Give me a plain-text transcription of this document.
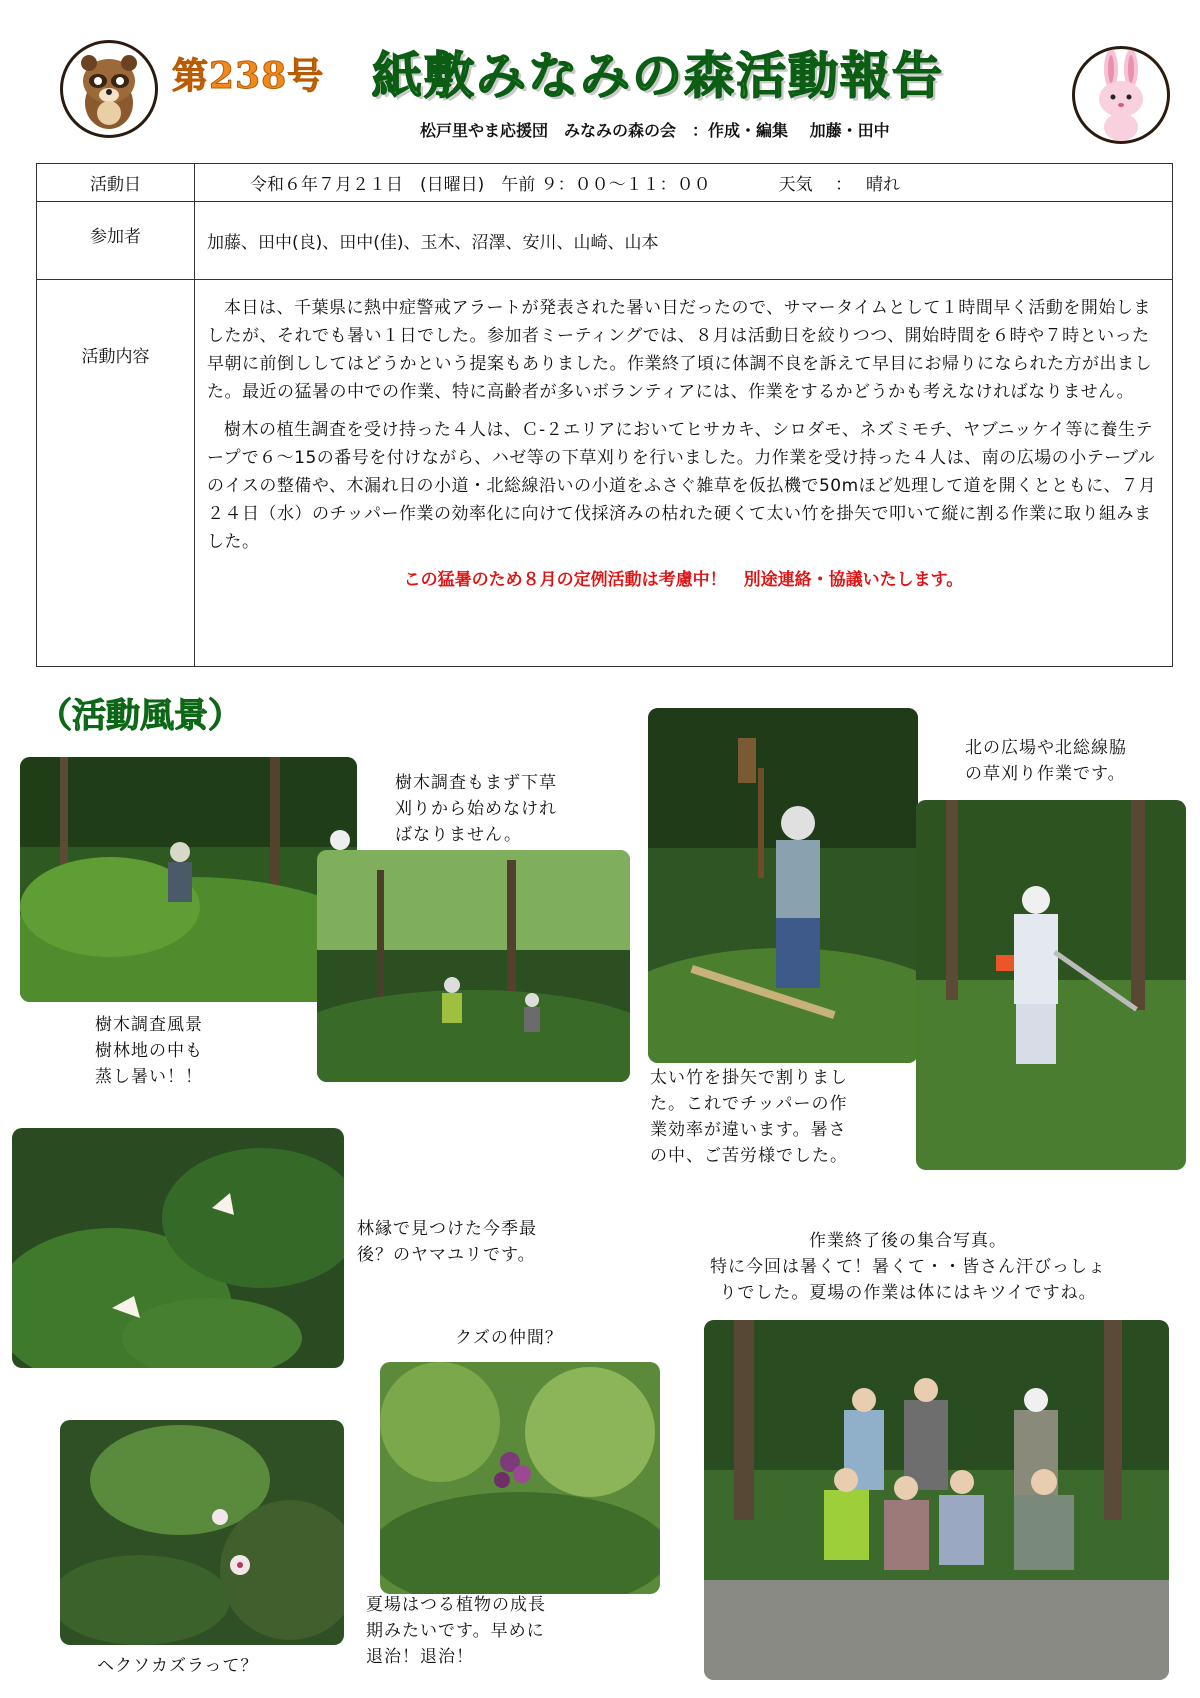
第238号 紙敷みなみの森活動報告
松戸里やま応援団　みなみの森の会　：作成・編集　 加藤・田中
活動日	令和６年７月２１日　(日曜日)　午前 ９：００～１１：００　　　　天気　 ：　 晴れ
参加者	加藤、田中(良)、田中(佳)、玉木、沼澤、安川、山崎、山本
活動内容

本日は、千葉県に熱中症警戒アラートが発表された暑い日だったので、サマータイムとして１時間早く活動を開始しましたが、それでも暑い１日でした。参加者ミーティングでは、８月は活動日を絞りつつ、開始時間を６時や７時といった早朝に前倒ししてはどうかという提案もありました。作業終了頃に体調不良を訴えて早目にお帰りになられた方が出ました。最近の猛暑の中での作業、特に高齢者が多いボランティアには、作業をするかどうかも考えなければなりません。

樹木の植生調査を受け持った４人は、Ｃ-２エリアにおいてヒサカキ、シロダモ、ネズミモチ、ヤブニッケイ等に養生テープで６～15の番号を付けながら、ハゼ等の下草刈りを行いました。力作業を受け持った４人は、南の広場の小テーブルのイスの整備や、木漏れ日の小道・北総線沿いの小道をふさぐ雑草を仮払機で50mほど処理して道を開くとともに、７月２４日（水）のチッパー作業の効率化に向けて伐採済みの枯れた硬くて太い竹を掛矢で叩いて縦に割る作業に取り組みました。

この猛暑のため８月の定例活動は考慮中！　別途連絡・協議いたします。
（活動風景）
樹木調査風景
樹林地の中も
蒸し暑い！！
樹木調査もまず下草
刈りから始めなけれ
ばなりません。
太い竹を掛矢で割りまし
た。これでチッパーの作
業効率が違います。暑さ
の中、ご苦労様でした。
北の広場や北総線脇
の草刈り作業です。
林縁で見つけた今季最
後？のヤマユリです。
クズの仲間？
夏場はつる植物の成長
期みたいです。早めに
退治！退治！
ヘクソカズラって？
作業終了後の集合写真。
特に今回は暑くて！暑くて・・皆さん汗びっしょ
りでした。夏場の作業は体にはキツイですね。
